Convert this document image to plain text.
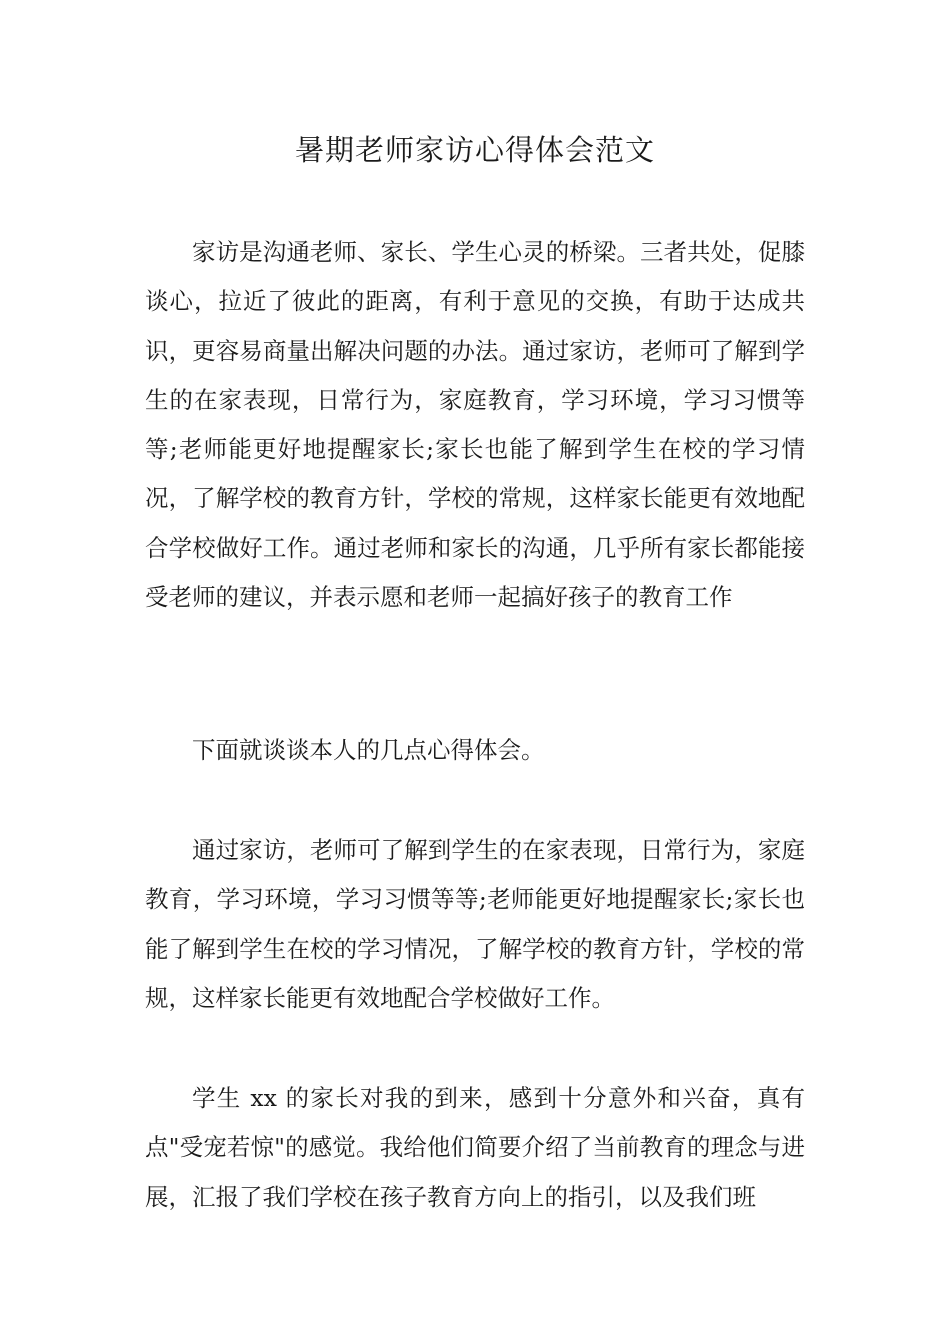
暑期老师家访心得体会范文

家访是沟通老师、家长、学生心灵的桥梁。三者共处，促膝谈心，拉近了彼此的距离，有利于意见的交换，有助于达成共识，更容易商量出解决问题的办法。通过家访，老师可了解到学生的在家表现，日常行为，家庭教育，学习环境，学习习惯等等;老师能更好地提醒家长;家长也能了解到学生在校的学习情况，了解学校的教育方针，学校的常规，这样家长能更有效地配合学校做好工作。通过老师和家长的沟通，几乎所有家长都能接受老师的建议，并表示愿和老师一起搞好孩子的教育工作

下面就谈谈本人的几点心得体会。

通过家访，老师可了解到学生的在家表现，日常行为，家庭教育，学习环境，学习习惯等等;老师能更好地提醒家长;家长也能了解到学生在校的学习情况，了解学校的教育方针，学校的常规，这样家长能更有效地配合学校做好工作。

学生 xx 的家长对我的到来，感到十分意外和兴奋，真有点"受宠若惊"的感觉。我给他们简要介绍了当前教育的理念与进展，汇报了我们学校在孩子教育方向上的指引，以及我们班
